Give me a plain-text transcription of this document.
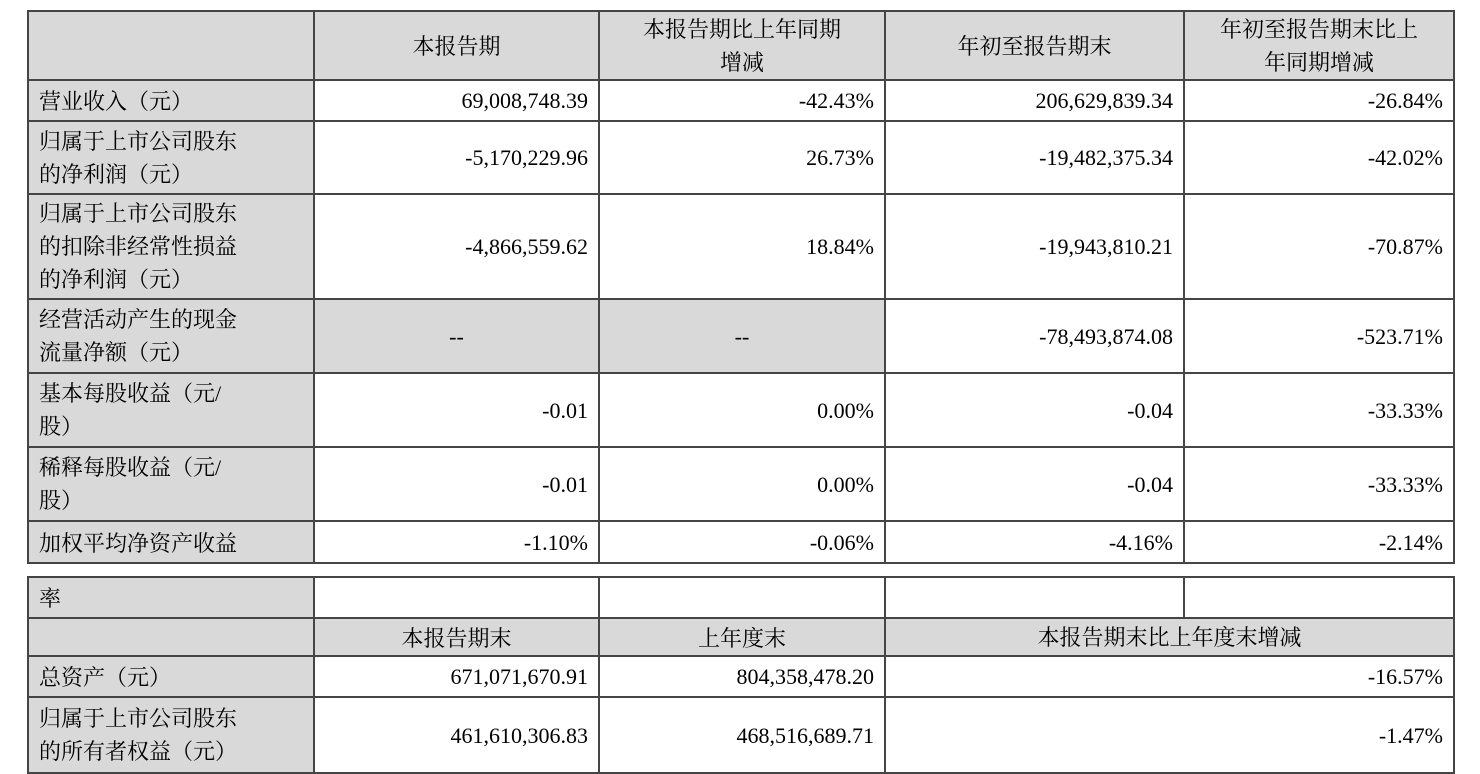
	本报告期	本报告期比上年同期增减	年初至报告期末	年初至报告期末比上年同期增减
营业收入（元）	69,008,748.39	-42.43%	206,629,839.34	-26.84%
归属于上市公司股东的净利润（元）	-5,170,229.96	26.73%	-19,482,375.34	-42.02%
归属于上市公司股东的扣除非经常性损益的净利润（元）	-4,866,559.62	18.84%	-19,943,810.21	-70.87%
经营活动产生的现金流量净额（元）	--	--	-78,493,874.08	-523.71%
基本每股收益（元/股）	-0.01	0.00%	-0.04	-33.33%
稀释每股收益（元/股）	-0.01	0.00%	-0.04	-33.33%
加权平均净资产收益	-1.10%	-0.06%	-4.16%	-2.14%
率				
	本报告期末	上年度末	本报告期末比上年度末增减	
总资产（元）	671,071,670.91	804,358,478.20	-16.57%	
归属于上市公司股东的所有者权益（元）	461,610,306.83	468,516,689.71	-1.47%	
